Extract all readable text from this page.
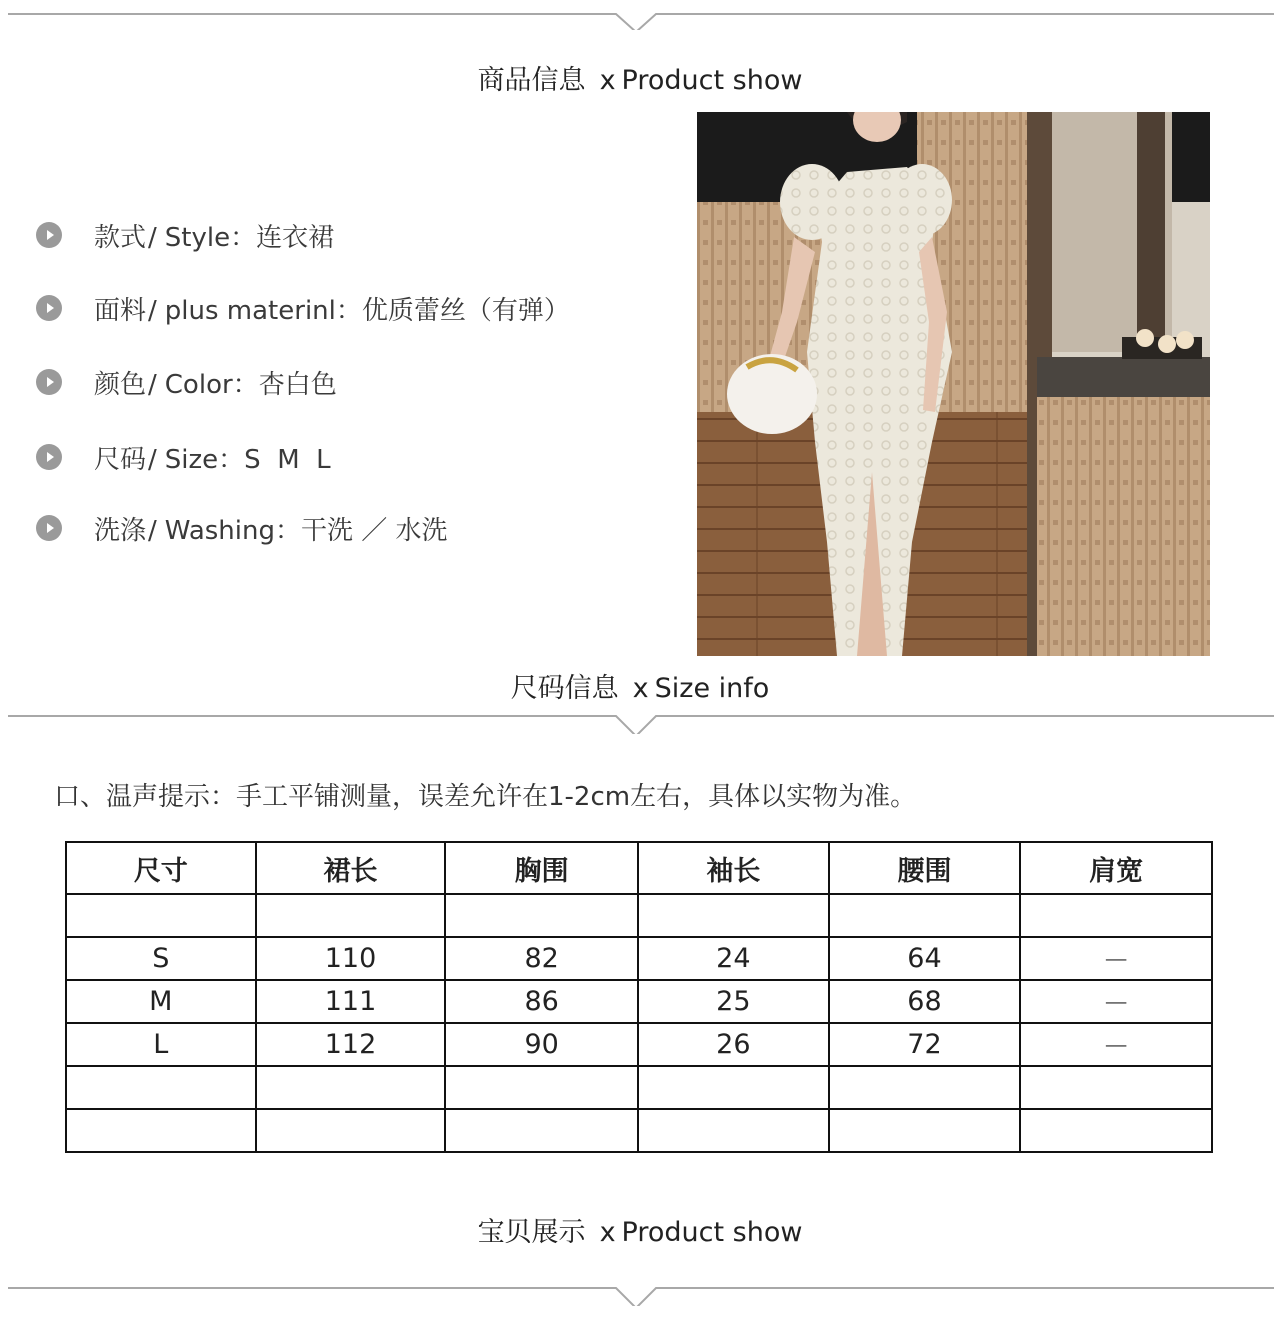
商品信息 x Product show
款式/ Style：连衣裙
面料/ plus materinl：优质蕾丝（有弹）
颜色/ Color：杏白色
尺码/ Size：S  M  L
洗涤/ Washing：干洗 ／ 水洗
尺码信息 x Size info
口、温声提示：手工平铺测量，误差允许在1-2cm左右，具体以实物为准。
尺寸	裙长	胸围	袖长	腰围	肩宽

S	110	82	24	64	－
M	111	86	25	68	－
L	112	90	26	72	－

宝贝展示 x Product show
